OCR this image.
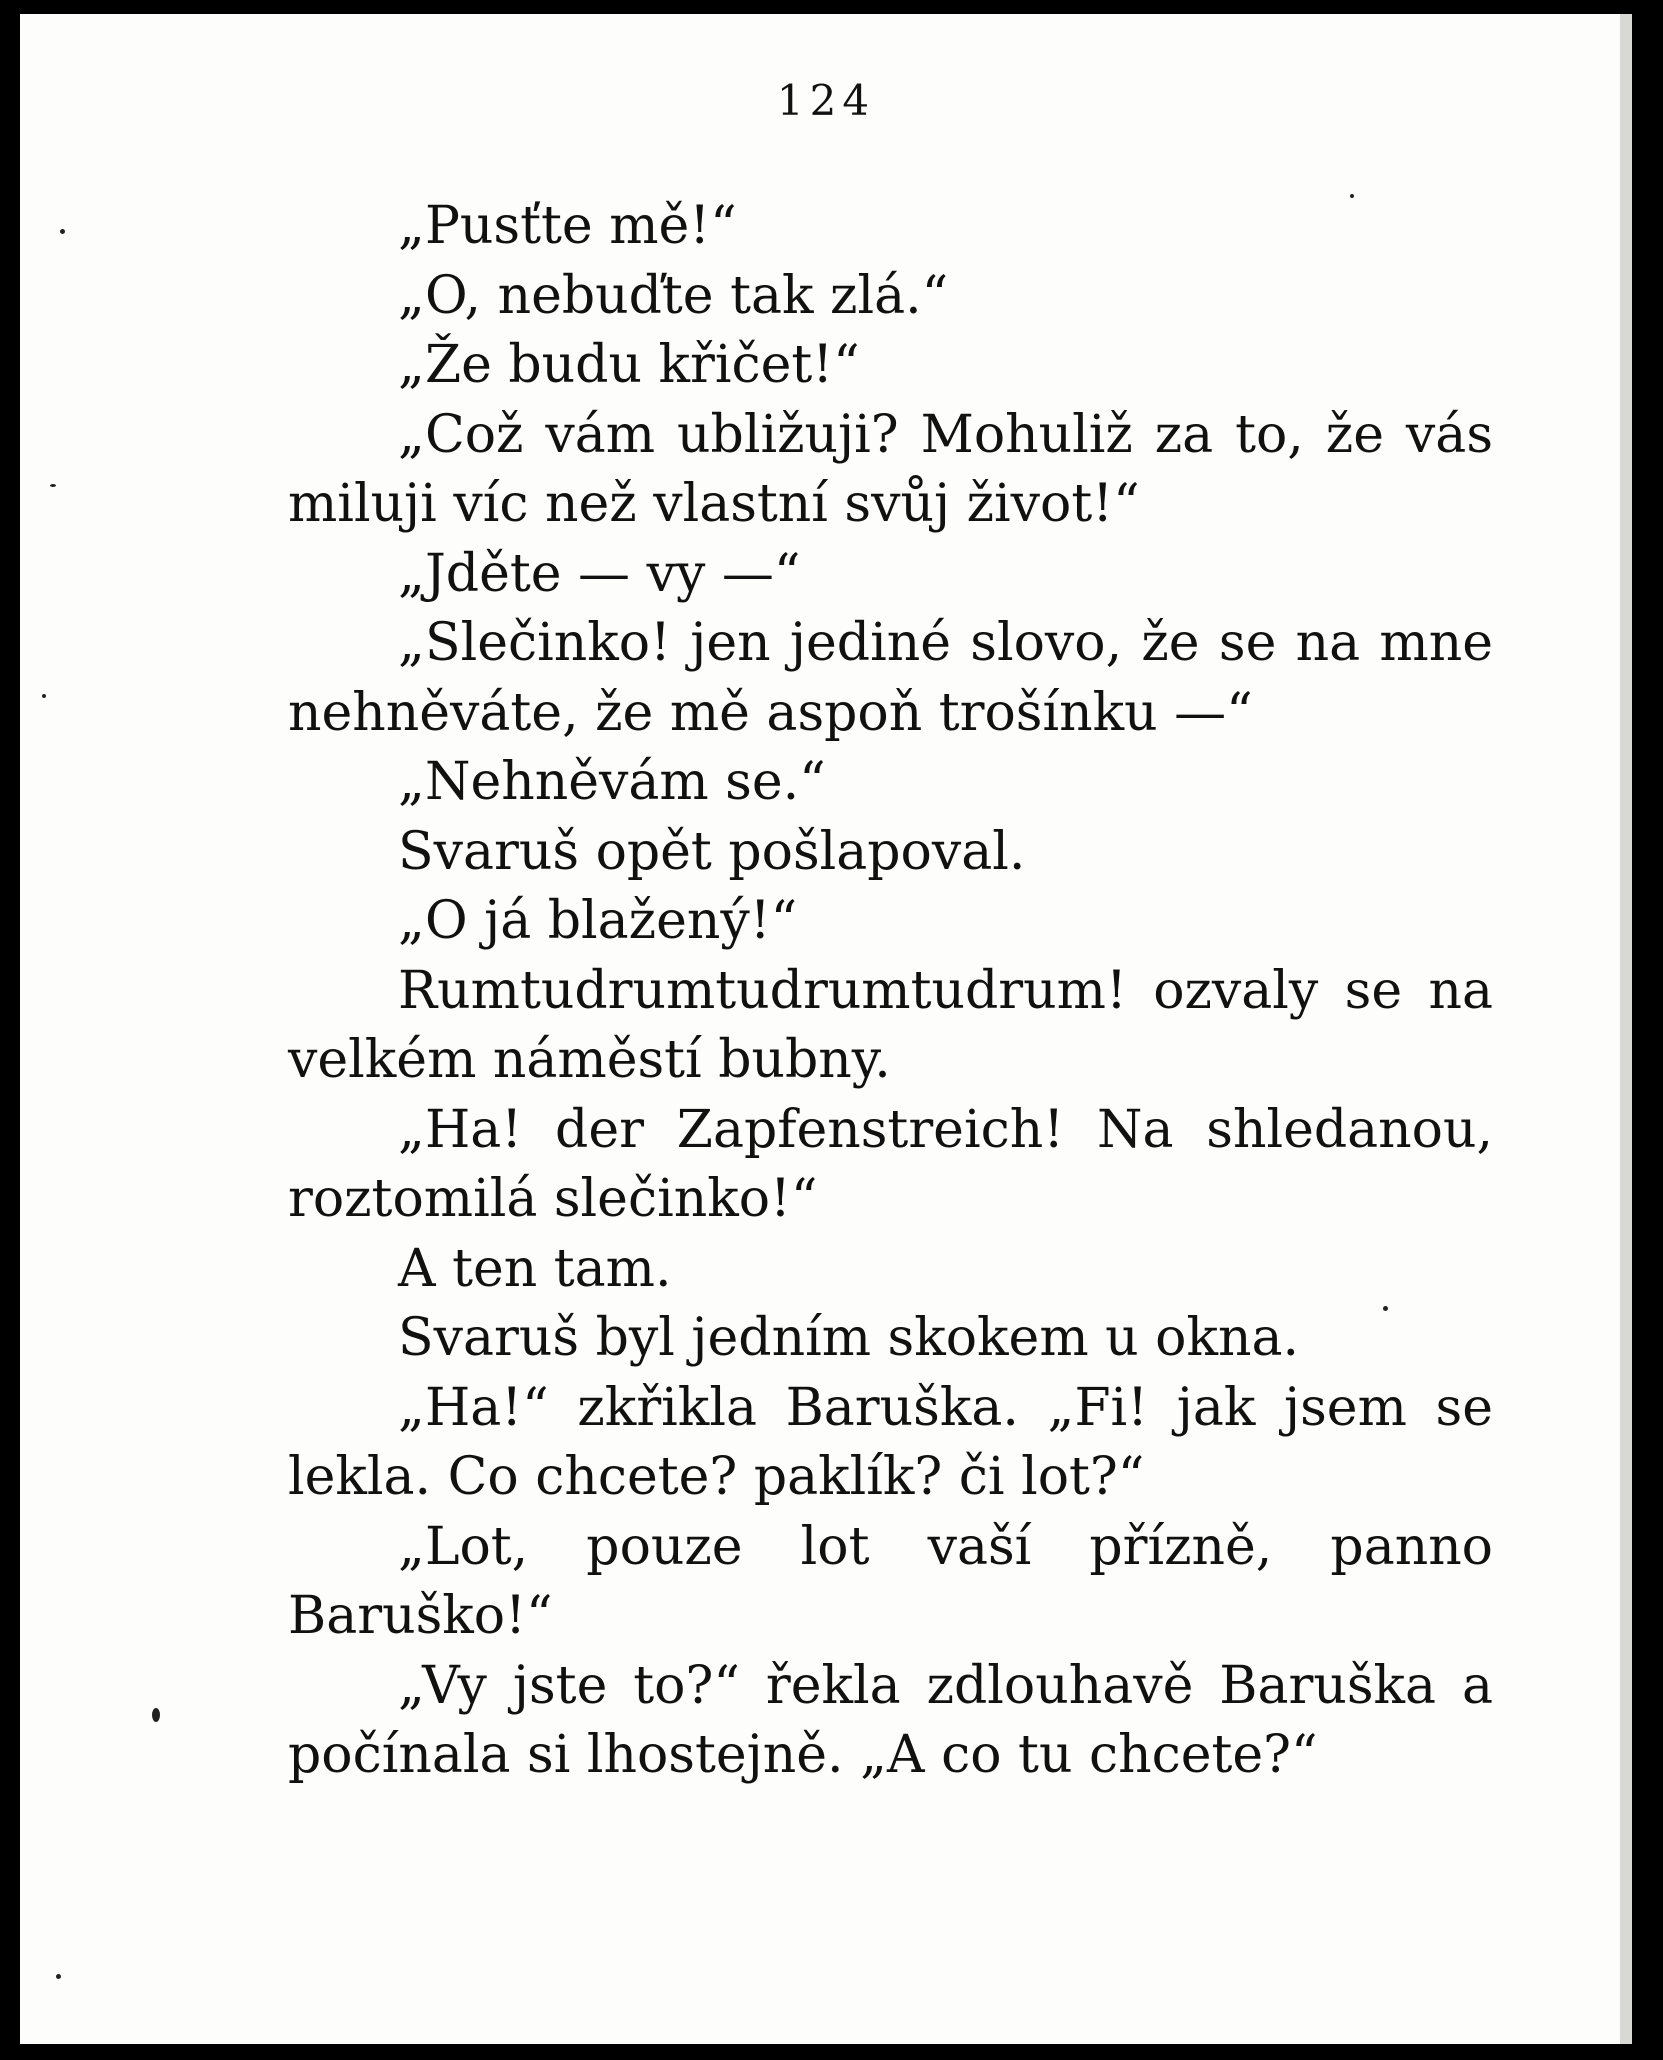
124

„Pusťte mě!“

„O, nebuďte tak zlá.“

„Že budu křičet!“

„Což vám ubližuji? Mohuliž za to, že vás miluji víc než vlastní svůj život!“

„Jděte — vy —“

„Slečinko! jen jediné slovo, že se na mne nehněváte, že mě aspoň trošínku —“

„Nehněvám se.“

Svaruš opět pošlapoval.

„O já blažený!“

Rumtudrumtudrumtudrum! ozvaly se na velkém náměstí bubny.

„Ha! der Zapfenstreich! Na shledanou, roztomilá slečinko!“

A ten tam.

Svaruš byl jedním skokem u okna.

„Ha!“ zkřikla Baruška. „Fi! jak jsem se lekla. Co chcete? paklík? či lot?“

„Lot, pouze lot vaší přízně, panno Baruško!“

„Vy jste to?“ řekla zdlouhavě Baruška a počínala si lhostejně. „A co tu chcete?“
